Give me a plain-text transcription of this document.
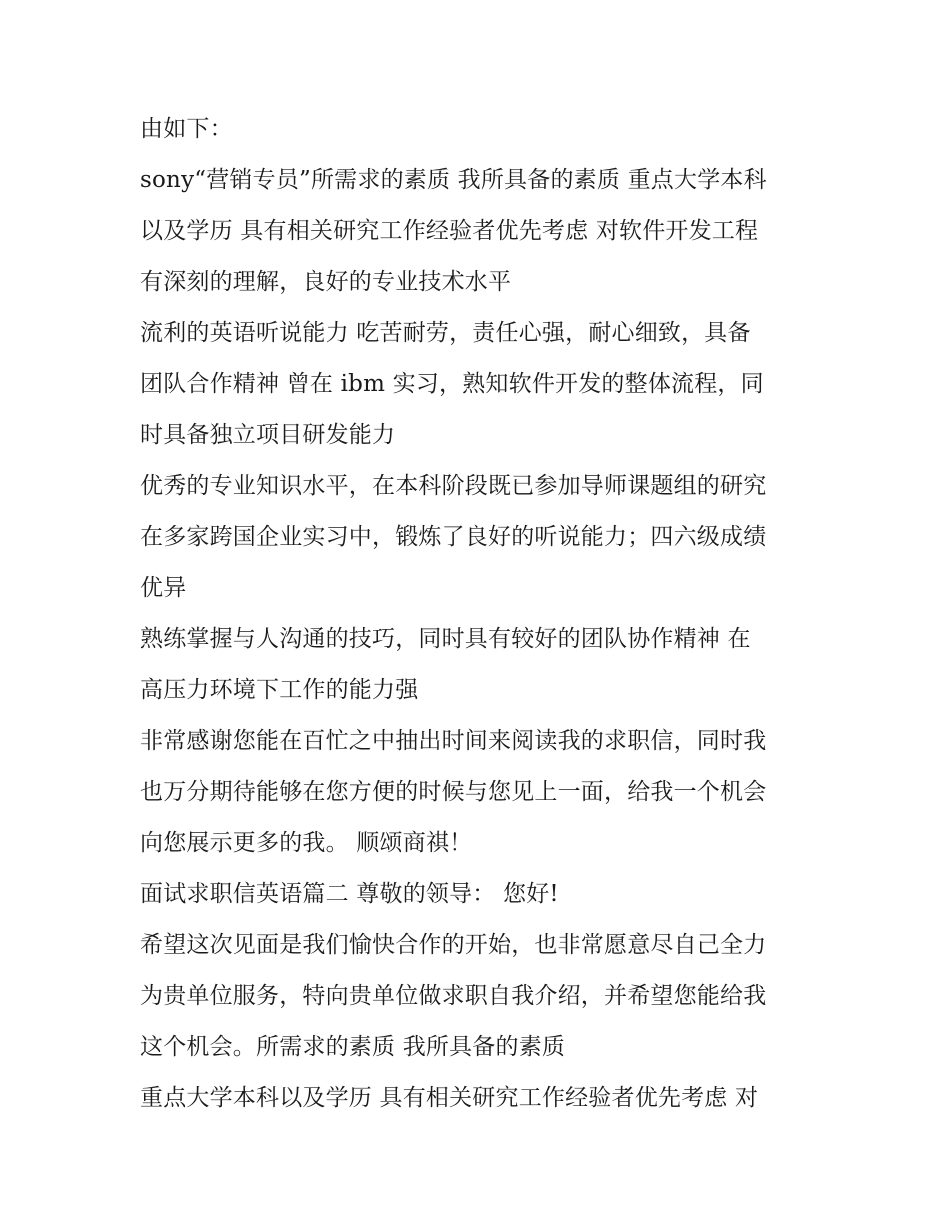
由如下：
sony“营销专员”所需求的素质 我所具备的素质 重点大学本科
以及学历 具有相关研究工作经验者优先考虑 对软件开发工程
有深刻的理解，良好的专业技术水平
流利的英语听说能力 吃苦耐劳，责任心强，耐心细致，具备
团队合作精神 曾在 ibm 实习，熟知软件开发的整体流程，同
时具备独立项目研发能力
优秀的专业知识水平，在本科阶段既已参加导师课题组的研究
在多家跨国企业实习中，锻炼了良好的听说能力；四六级成绩
优异
熟练掌握与人沟通的技巧，同时具有较好的团队协作精神 在
高压力环境下工作的能力强
非常感谢您能在百忙之中抽出时间来阅读我的求职信，同时我
也万分期待能够在您方便的时候与您见上一面，给我一个机会
向您展示更多的我。 顺颂商祺！
面试求职信英语篇二 尊敬的领导： 您好!
希望这次见面是我们愉快合作的开始，也非常愿意尽自己全力
为贵单位服务，特向贵单位做求职自我介绍，并希望您能给我
这个机会。所需求的素质 我所具备的素质
重点大学本科以及学历 具有相关研究工作经验者优先考虑 对
